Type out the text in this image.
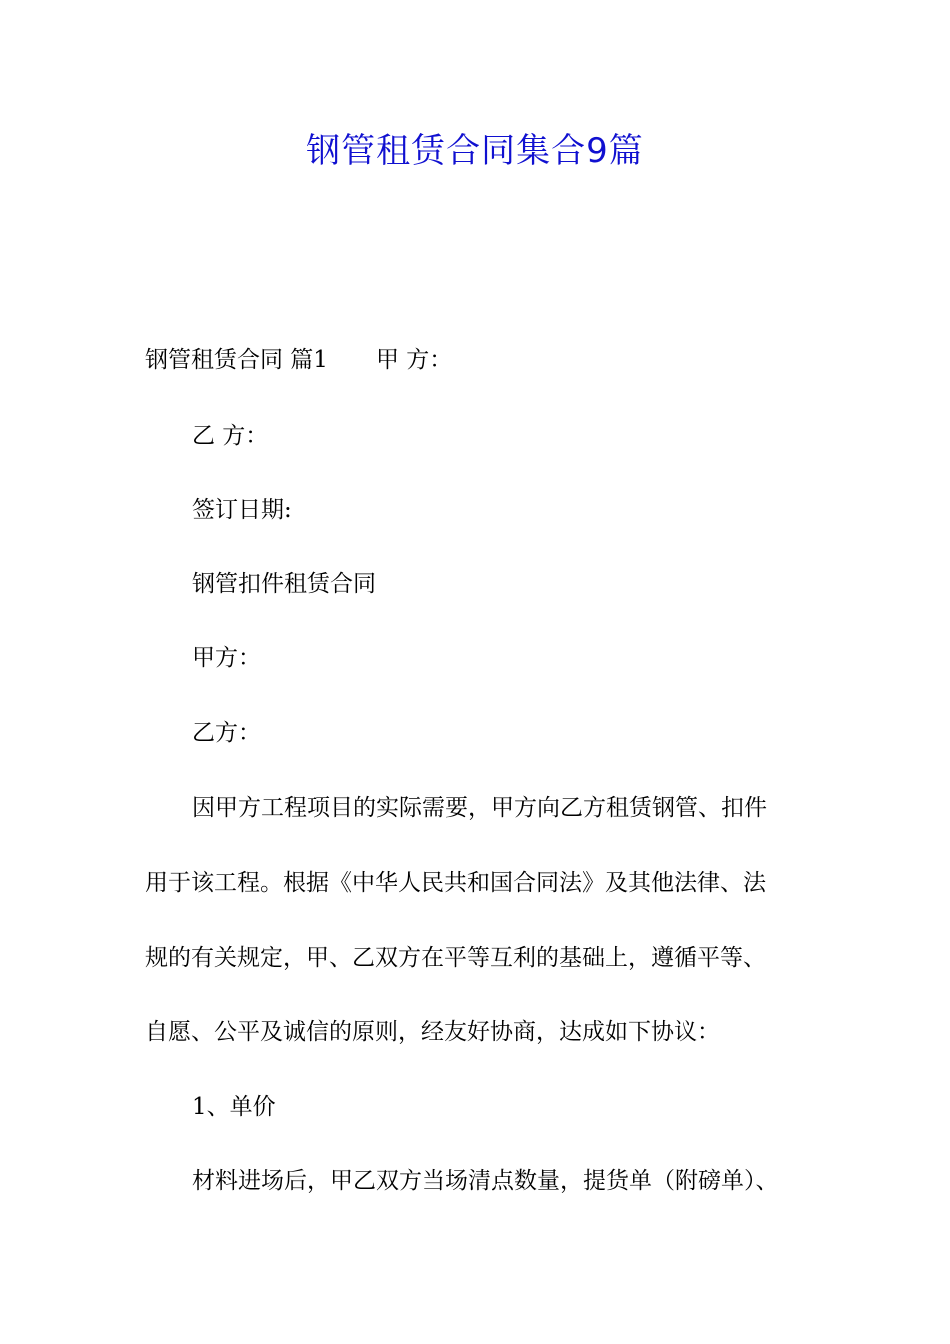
钢管租赁合同集合9篇
钢管租赁合同 篇1 甲 方：
乙 方：
签订日期:
钢管扣件租赁合同
甲方：
乙方：
因甲方工程项目的实际需要，甲方向乙方租赁钢管、扣件
用于该工程。根据《中华人民共和国合同法》及其他法律、法
规的有关规定，甲、乙双方在平等互利的基础上，遵循平等、
自愿、公平及诚信的原则，经友好协商，达成如下协议：
1、单价
材料进场后，甲乙双方当场清点数量，提货单（附磅单）、
